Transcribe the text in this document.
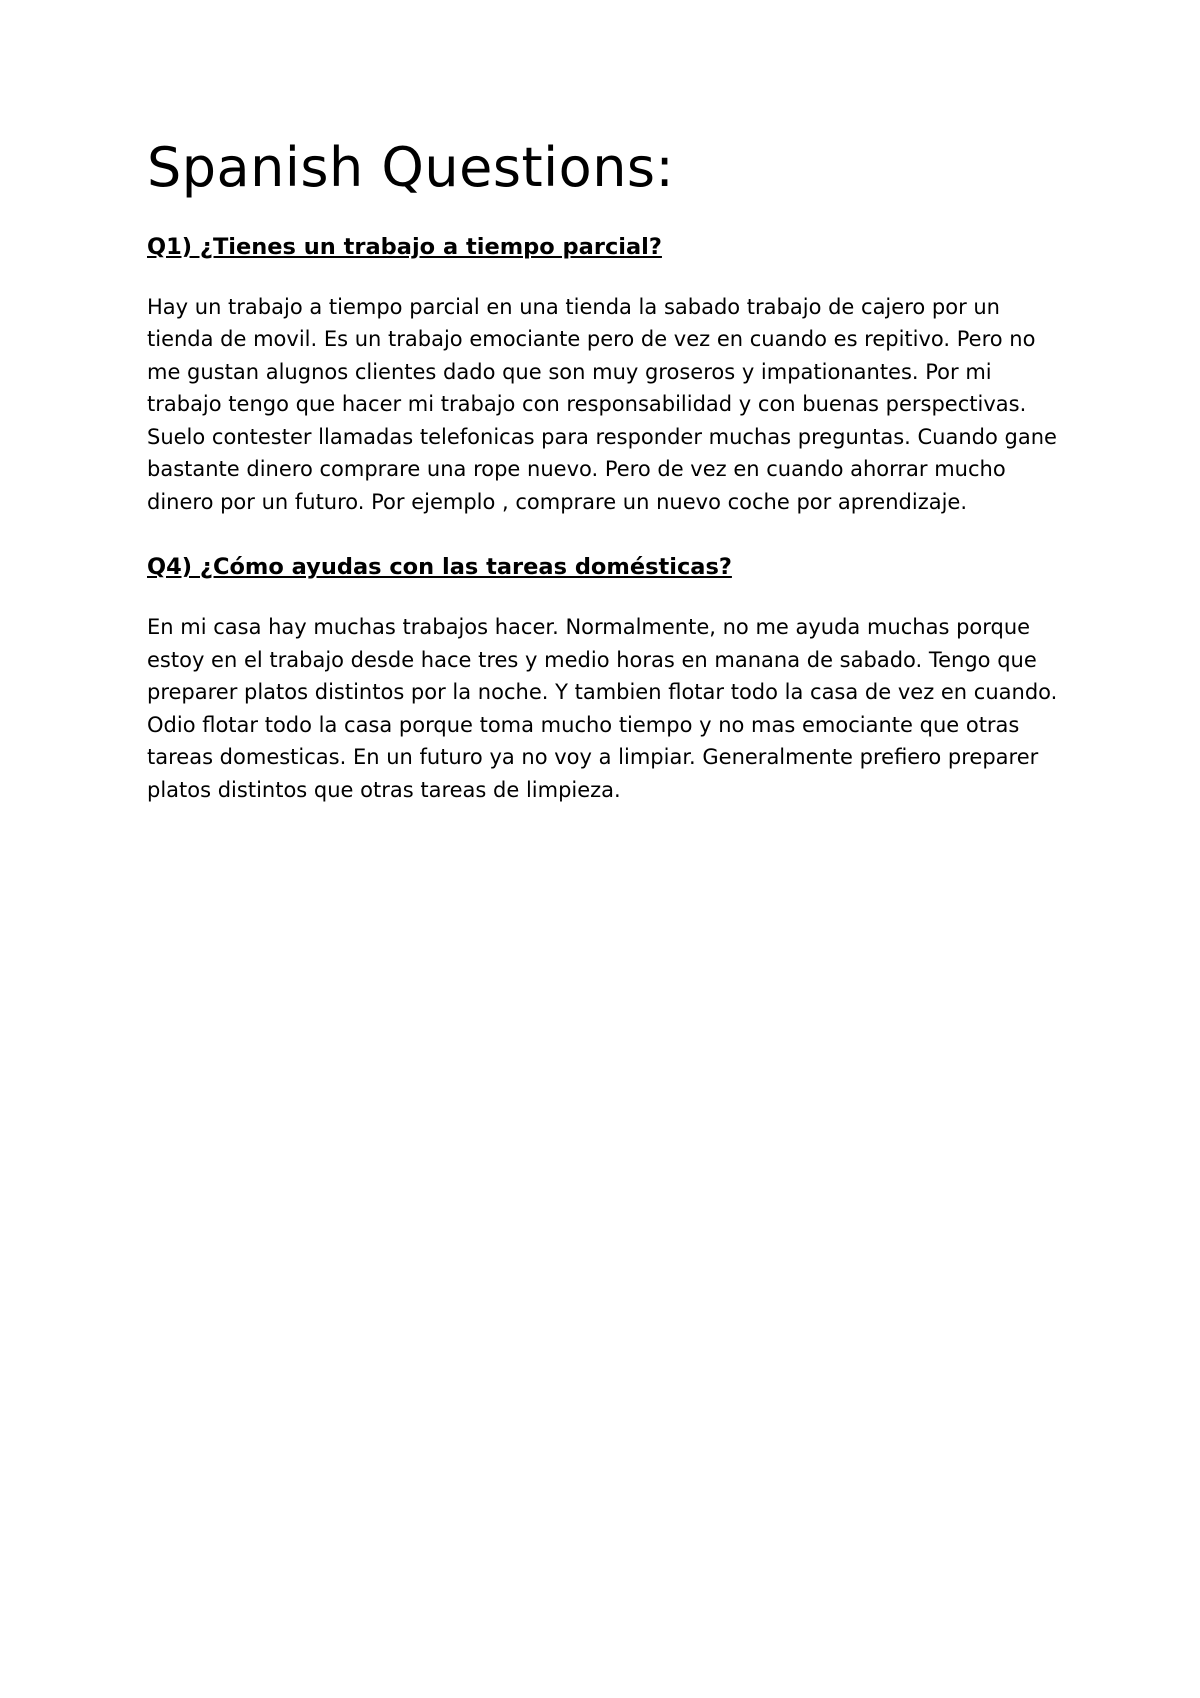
Spanish Questions:
Q1) ¿Tienes un trabajo a tiempo parcial?

Hay un trabajo a tiempo parcial en una tienda la sabado trabajo de cajero por un tienda de movil. Es un trabajo emociante pero de vez en cuando es repitivo. Pero no me gustan alugnos clientes dado que son muy groseros y impationantes. Por mi trabajo tengo que hacer mi trabajo con responsabilidad y con buenas perspectivas. Suelo contester llamadas telefonicas para responder muchas preguntas. Cuando gane bastante dinero comprare una rope nuevo. Pero de vez en cuando ahorrar mucho dinero por un futuro. Por ejemplo , comprare un nuevo coche por aprendizaje.

Q4) ¿Cómo ayudas con las tareas domésticas?

En mi casa hay muchas trabajos hacer. Normalmente, no me ayuda muchas porque estoy en el trabajo desde hace tres y medio horas en manana de sabado. Tengo que preparer platos distintos por la noche. Y tambien flotar todo la casa de vez en cuando. Odio flotar todo la casa porque toma mucho tiempo y no mas emociante que otras tareas domesticas. En un futuro ya no voy a limpiar. Generalmente prefiero preparer platos distintos que otras tareas de limpieza.
